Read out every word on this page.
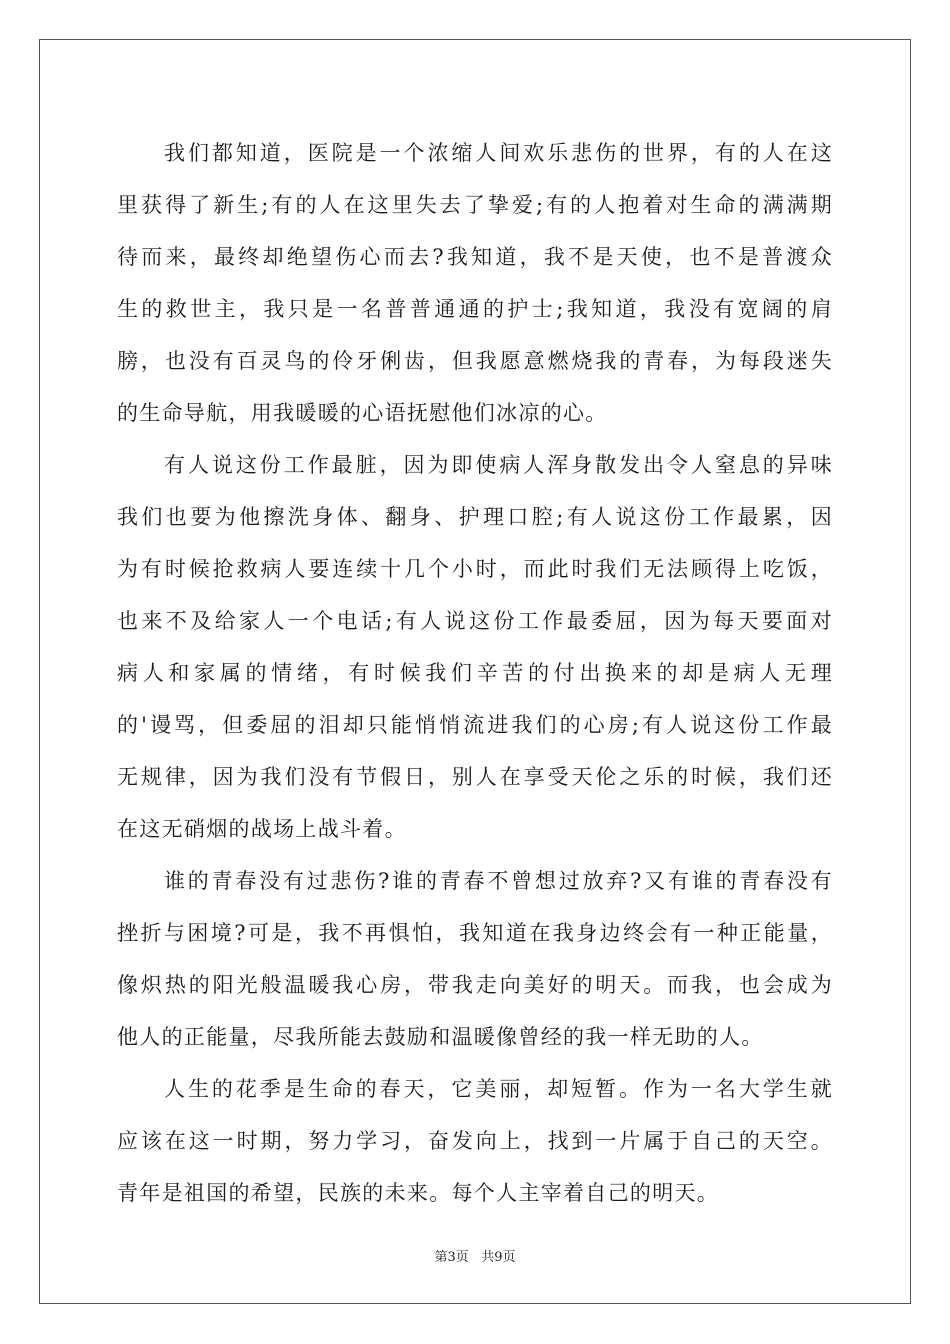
我们都知道，医院是一个浓缩人间欢乐悲伤的世界，有的人在这
里获得了新生;有的人在这里失去了挚爱;有的人抱着对生命的满满期
待而来，最终却绝望伤心而去?我知道，我不是天使，也不是普渡众
生的救世主，我只是一名普普通通的护士;我知道，我没有宽阔的肩
膀，也没有百灵鸟的伶牙俐齿，但我愿意燃烧我的青春，为每段迷失
的生命导航，用我暖暖的心语抚慰他们冰凉的心。
有人说这份工作最脏，因为即使病人浑身散发出令人窒息的异味
我们也要为他擦洗身体、翻身、护理口腔;有人说这份工作最累，因
为有时候抢救病人要连续十几个小时，而此时我们无法顾得上吃饭，
也来不及给家人一个电话;有人说这份工作最委屈，因为每天要面对
病人和家属的情绪，有时候我们辛苦的付出换来的却是病人无理
的'谩骂，但委屈的泪却只能悄悄流进我们的心房;有人说这份工作最
无规律，因为我们没有节假日，别人在享受天伦之乐的时候，我们还
在这无硝烟的战场上战斗着。
谁的青春没有过悲伤?谁的青春不曾想过放弃?又有谁的青春没有
挫折与困境?可是，我不再惧怕，我知道在我身边终会有一种正能量，
像炽热的阳光般温暖我心房，带我走向美好的明天。而我，也会成为
他人的正能量，尽我所能去鼓励和温暖像曾经的我一样无助的人。
人生的花季是生命的春天，它美丽，却短暂。作为一名大学生就
应该在这一时期，努力学习，奋发向上，找到一片属于自己的天空。
青年是祖国的希望，民族的未来。每个人主宰着自己的明天。
第3页 共9页
